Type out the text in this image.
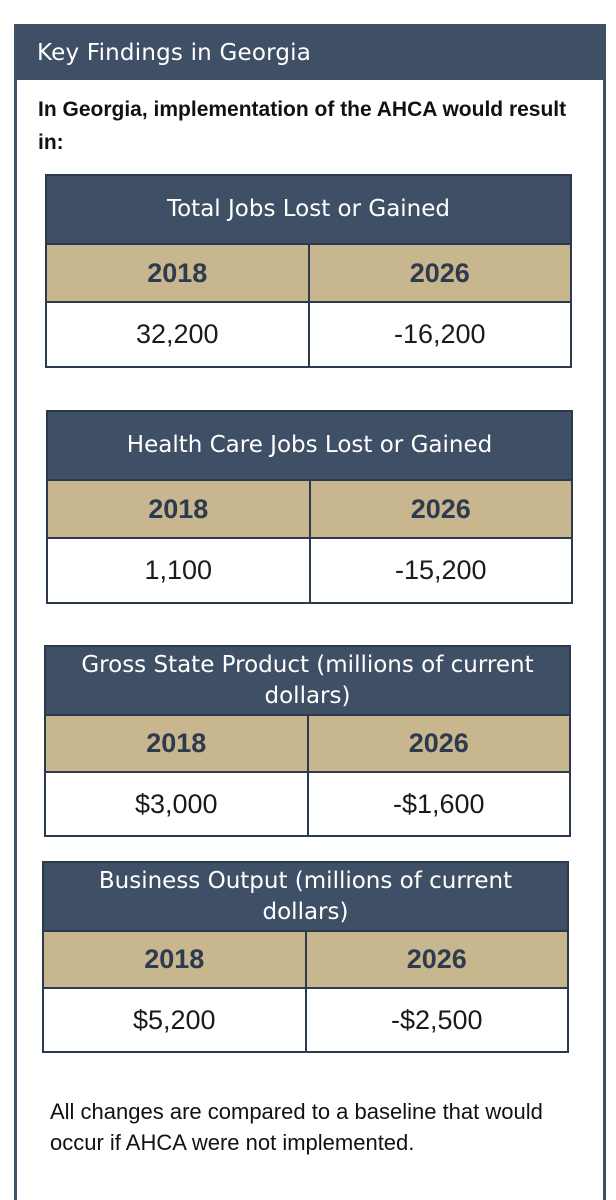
Key Findings in Georgia
In Georgia, implementation of the AHCA would result in:
Total Jobs Lost or Gained
2018	2026
32,200	-16,200
Health Care Jobs Lost or Gained
2018	2026
1,100	-15,200
Gross State Product (millions of current dollars)
2018	2026
$3,000	-$1,600
Business Output (millions of current dollars)
2018	2026
$5,200	-$2,500
All changes are compared to a baseline that would occur if AHCA were not implemented.
